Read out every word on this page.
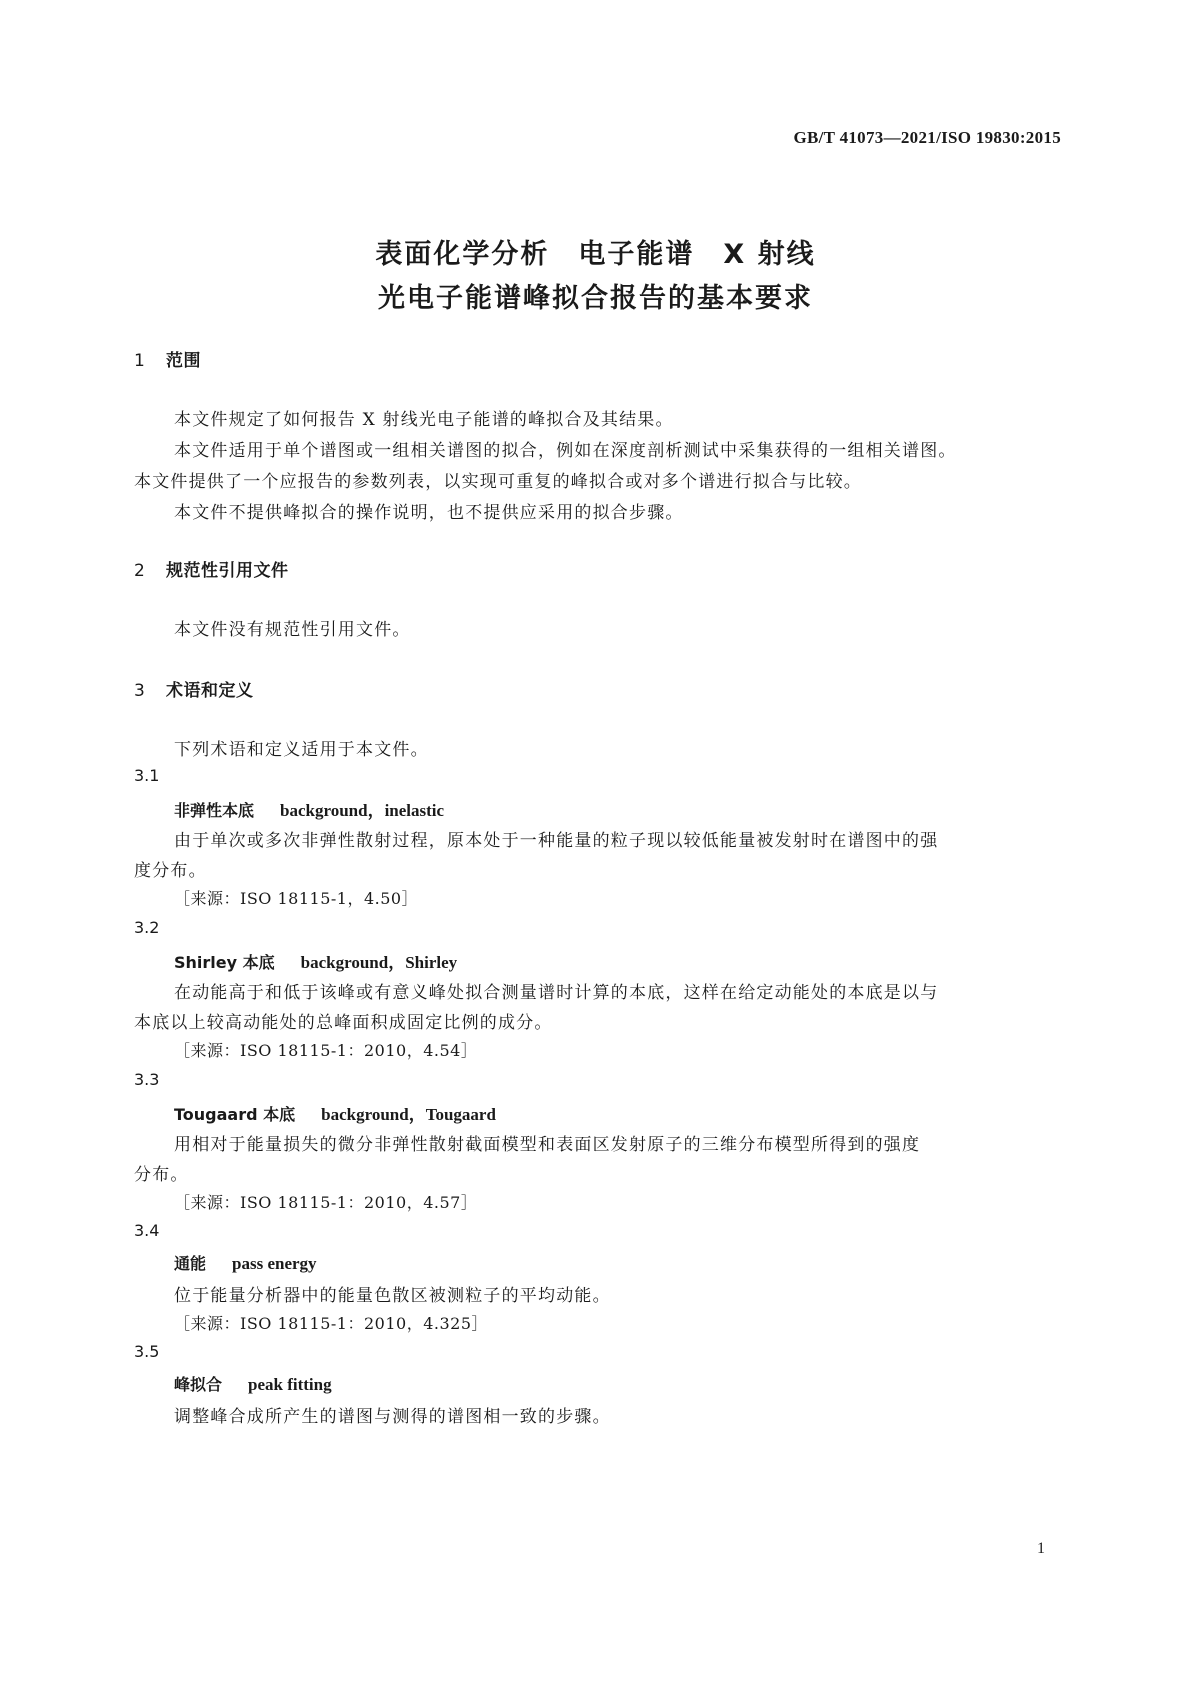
GB/T 41073—2021/ISO 19830:2015
表面化学分析　电子能谱　X 射线
光电子能谱峰拟合报告的基本要求
1 范围
本文件规定了如何报告 X 射线光电子能谱的峰拟合及其结果。
本文件适用于单个谱图或一组相关谱图的拟合，例如在深度剖析测试中采集获得的一组相关谱图。
本文件提供了一个应报告的参数列表，以实现可重复的峰拟合或对多个谱进行拟合与比较。
本文件不提供峰拟合的操作说明，也不提供应采用的拟合步骤。
2 规范性引用文件
本文件没有规范性引用文件。
3 术语和定义
下列术语和定义适用于本文件。
3.1
非弹性本底 background，inelastic
由于单次或多次非弹性散射过程，原本处于一种能量的粒子现以较低能量被发射时在谱图中的强
度分布。
［来源：ISO 18115-1，4.50］
3.2
Shirley 本底 background，Shirley
在动能高于和低于该峰或有意义峰处拟合测量谱时计算的本底，这样在给定动能处的本底是以与
本底以上较高动能处的总峰面积成固定比例的成分。
［来源：ISO 18115-1：2010，4.54］
3.3
Tougaard 本底 background，Tougaard
用相对于能量损失的微分非弹性散射截面模型和表面区发射原子的三维分布模型所得到的强度
分布。
［来源：ISO 18115-1：2010，4.57］
3.4
通能 pass energy
位于能量分析器中的能量色散区被测粒子的平均动能。
［来源：ISO 18115-1：2010，4.325］
3.5
峰拟合 peak fitting
调整峰合成所产生的谱图与测得的谱图相一致的步骤。
1
